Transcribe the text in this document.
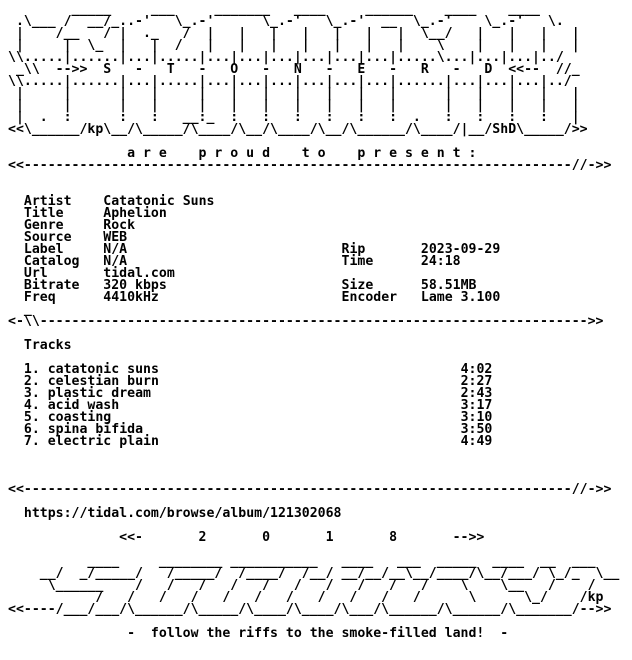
_____     ___     _______   ____     ______    ____    ____
.\___ /  __/_..-'   \_.-'      \_.-'   \_.-'  __  \_.-'    \_.-'   \.
|    /__   / |  ._   /  |   |   |   |   |   |   |  \__/   |   |   |   |
|     |  \_  |   |  /   |   |   |   |   |   |   |    \    |   |   |   |
\\.....|......|...|.....|...|...|...|...|...|...|.....\...|...|...|../
_\\  -->>  S   -   T   -   O   -   N   -   E   -   R   -   D  <<--  //_
\\.....|......|...|.....|...|...|...|...|...|...|......|...|...|...|../
|     |      |   |     |   |   |   |   |   |   |      |   |   |   |   |
|     |      |   |     |   |   |   |   |   |   |      |   |   |   |   |
|  .  :      :   :   __:_  :   :   :   :   :   :  .   :   :   :   :   |
<<\______/kp\__/\_____/\____/\__/\____/\__/\______/\____/|__/ShD\_____/>>

a r e    p r o u d    t o    p r e s e n t :
<<---------------------------------------------------------------------//->>

Artist Catatonic Suns
Title	Aphelion
Genre	Rock
Source WEB
Label	N/A	Rip	2023-09-29
Catalog N/A	Time	24:18
Url	tidal.com
Bitrate 320 kbps	Size	58.51MB
Freq	4410kHz	Encoder Lame 3.100
_
<-\\--------------------------------------------------------------------->>

Tracks

1. catatonic suns	4:02
2. celestian burn	2:27
3. plastic dream	2:43
4. acid wash	3:17
5. coasting	3:10
6. spina bifida	3:50
7. electric plain	4:49

<<---------------------------------------------------------------------//->>

https://tidal.com/browse/album/121302068

<<-       2       0       1       8       -->>

____     ________ ___________   ____   ___  _____  ____  __  ___
__/  _/_____/   /_____/  /____/  /__/ __/__/__\__/____/\__/___/ \_/_  \__
\______    /   /   /   /   /   /   /   /   /   /    \    \__   /    /
/   /   /   /   /   /   /   /   /   /   /      \      \_/    /kp
<<----/___/___/\______/\_____/\____/\____/\___/\______/\______/\_______/-->>

-  follow the riffs to the smoke-filled land!  -
